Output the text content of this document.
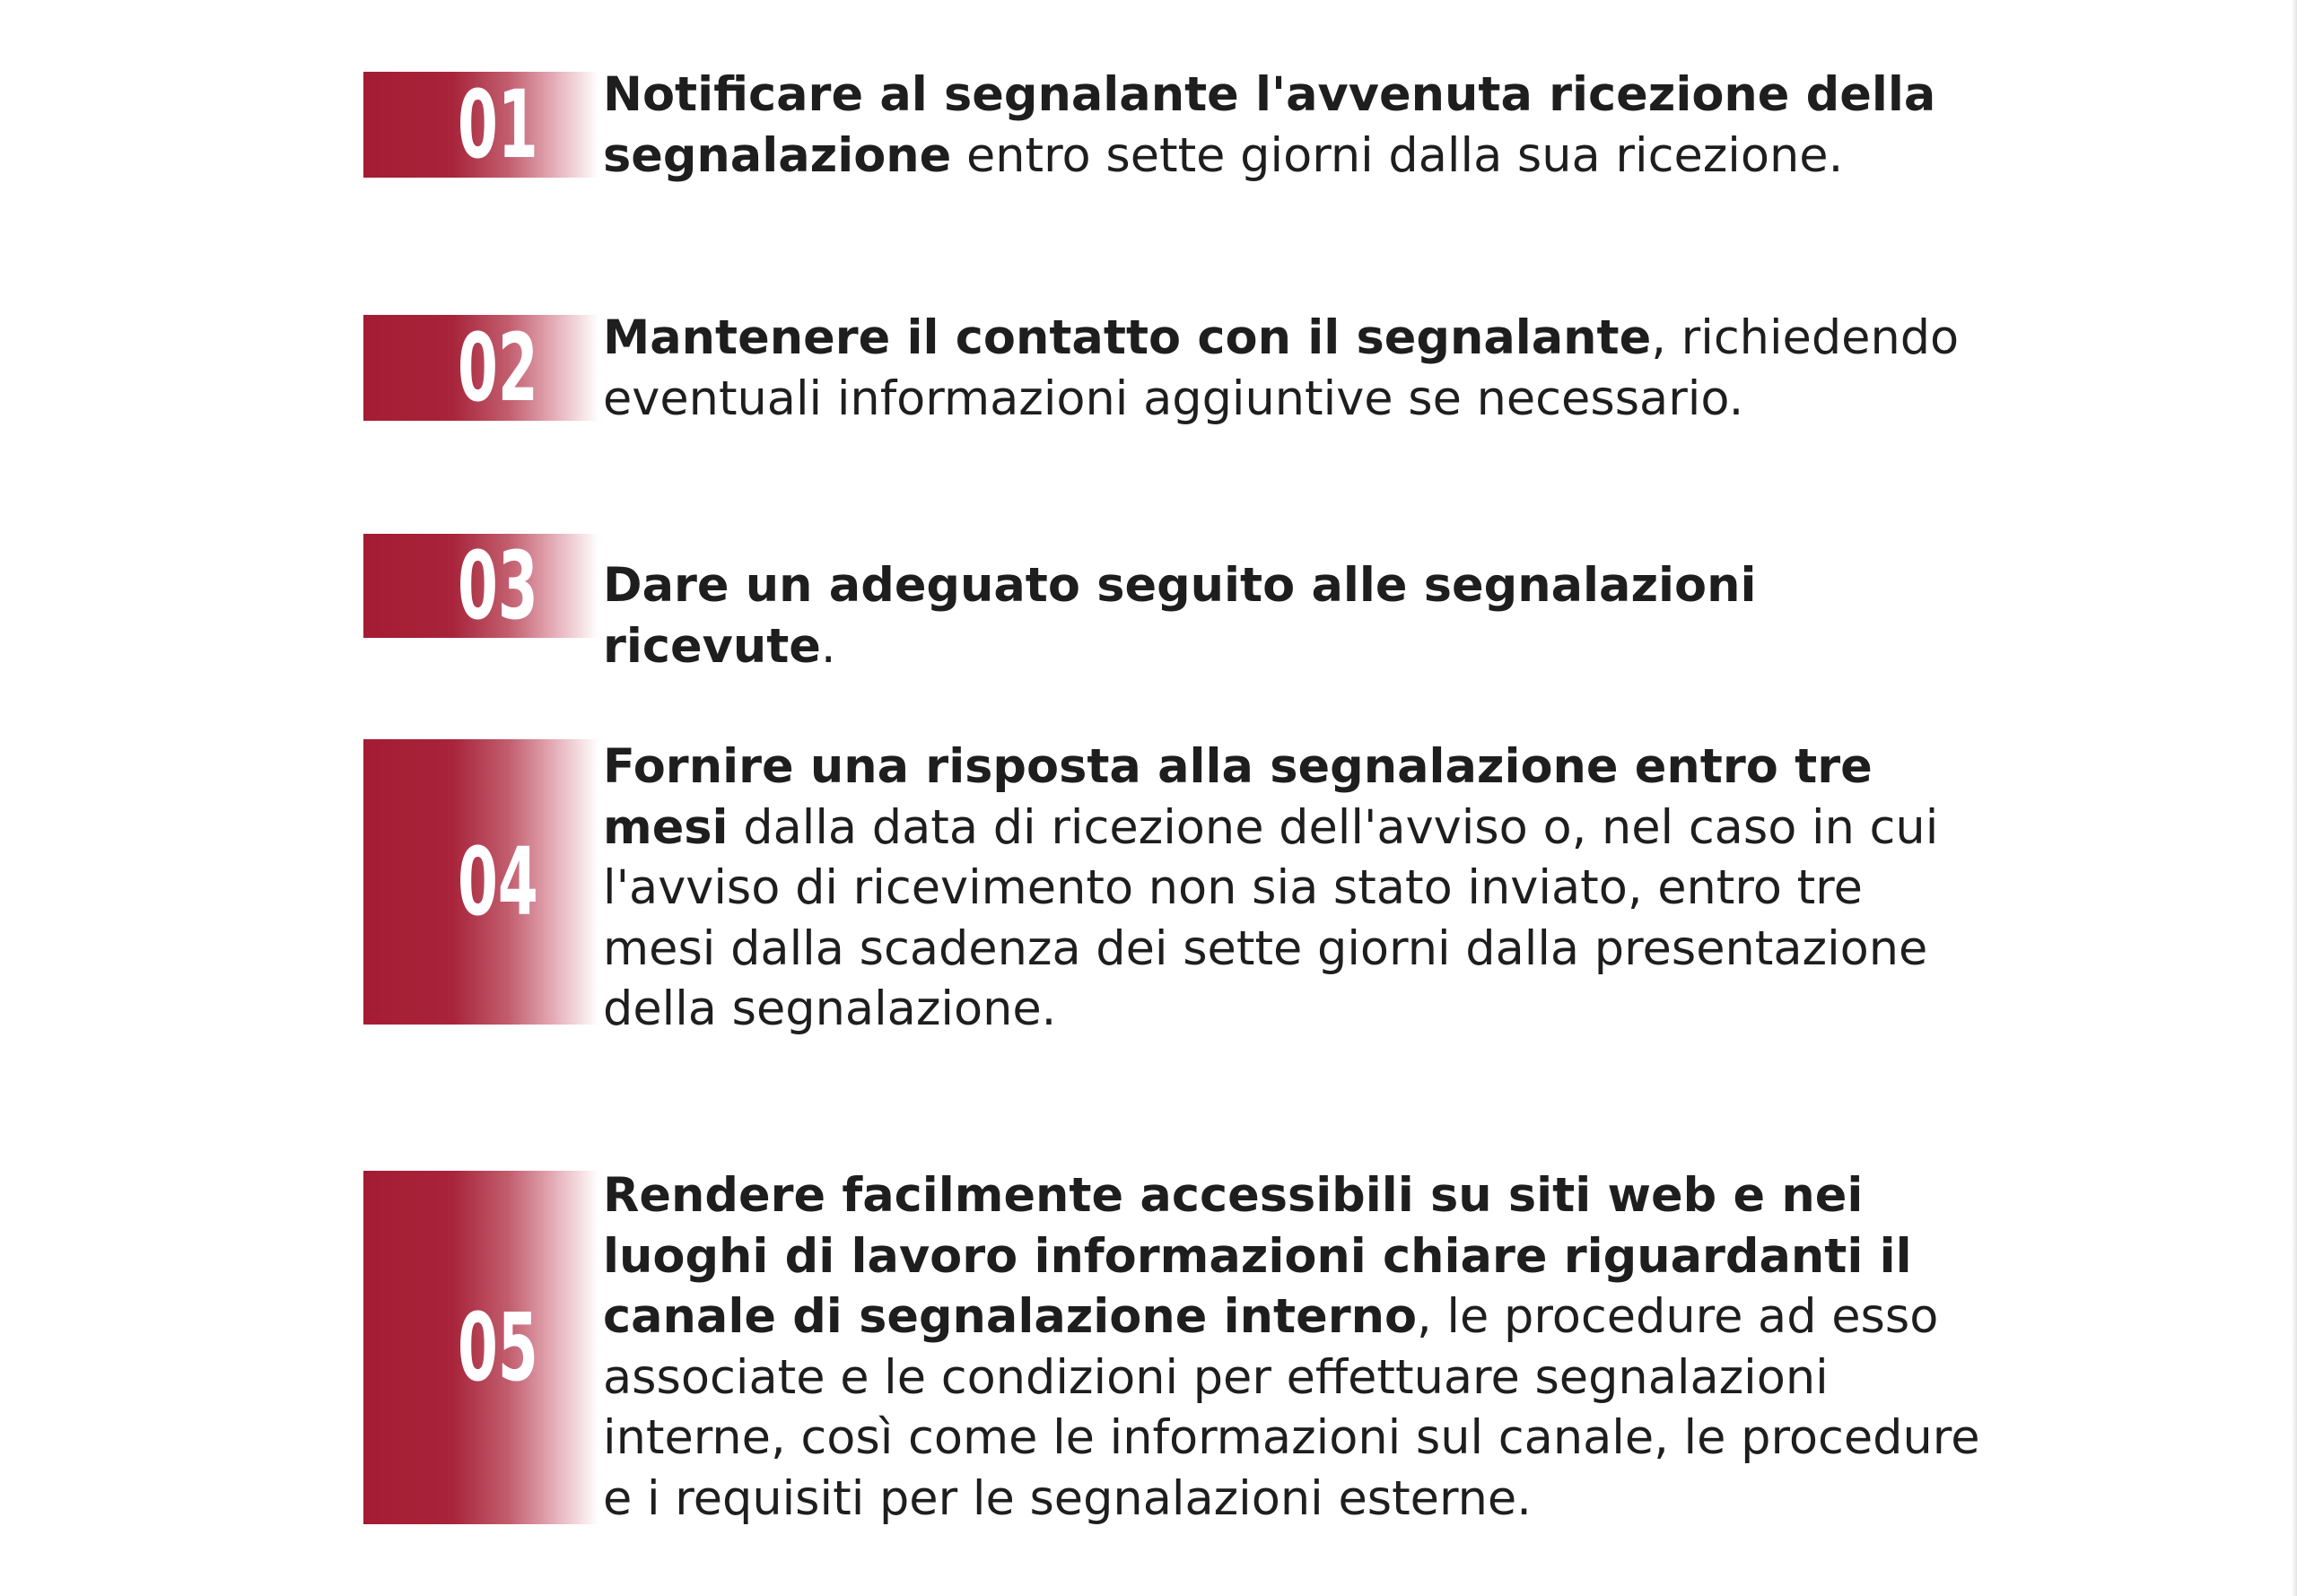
01 Notificare al segnalante l'avvenuta ricezione della segnalazione entro sette giorni dalla sua ricezione.

02 Mantenere il contatto con il segnalante, richiedendo eventuali informazioni aggiuntive se necessario.

03 Dare un adeguato seguito alle segnalazioni ricevute.

04

Fornire una risposta alla segnalazione entro tre mesi dalla data di ricezione dell'avviso o, nel caso in cui l'avviso di ricevimento non sia stato inviato, entro tre mesi dalla scadenza dei sette giorni dalla presentazione della segnalazione.

05

Rendere facilmente accessibili su siti web e nei luoghi di lavoro informazioni chiare riguardanti il canale di segnalazione interno, le procedure ad esso associate e le condizioni per effettuare segnalazioni interne, così come le informazioni sul canale, le procedure e i requisiti per le segnalazioni esterne.
